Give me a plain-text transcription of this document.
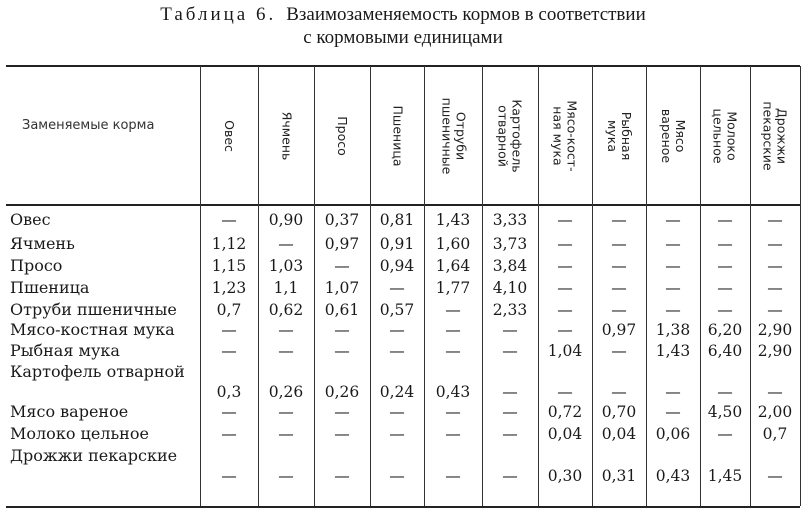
Таблица 6. Взаимозаменяемость кормов в соответствии
с кормовыми единицами
Заменяемые корма	Овес	Ячмень	Просо	Пшеница	Отруби
пшеничные	Картофель
отварной	Мясо-кост-
ная мука	Рыбная
мука	Мясо
вареное	Молоко
цельное	Дрожжи
пекарские
Овес	—	0,90	0,37	0,81	1,43	3,33	—	—	—	—	—
Ячмень	1,12	—	0,97	0,91	1,60	3,73	—	—	—	—	—
Просо	1,15	1,03	—	0,94	1,64	3,84	—	—	—	—	—
Пшеница	1,23	1,1	1,07	—	1,77	4,10	—	—	—	—	—
Отруби пшеничные	0,7	0,62	0,61	0,57	—	2,33	—	—	—	—	—
Мясо-костная мука	—	—	—	—	—	—	—	0,97	1,38	6,20 2,90
Рыбная мука	—	—	—	—	—	—	1,04	—	1,43	6,40 2,90
Картофель отварной
0,3	0,26	0,26	0,24	0,43	—	—	—	—	—	—
Мясо вареное	—	—	—	—	—	—	0,72	0,70	—	4,50 2,00
Молоко цельное	—	—	—	—	—	—	0,04	0,04	0,06	—	0,7
Дрожжи пекарские
—	—	—	—	—	—	0,30	0,31	0,43	1,45	—
